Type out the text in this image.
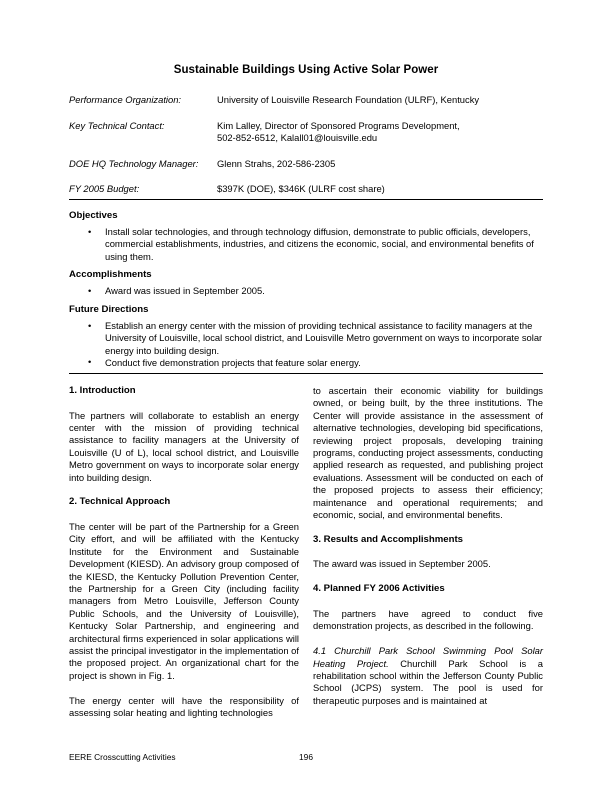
Sustainable Buildings Using Active Solar Power
Performance Organization:	University of Louisville Research Foundation (ULRF), Kentucky
Key Technical Contact:	Kim Lalley, Director of Sponsored Programs Development,
502-852-6512, Kalall01@louisville.edu
DOE HQ Technology Manager:	Glenn Strahs, 202-586-2305
FY 2005 Budget:	$397K (DOE), $346K (ULRF cost share)
Objectives
• Install solar technologies, and through technology diffusion, demonstrate to public officials, developers, commercial establishments, industries, and citizens the economic, social, and environmental benefits of using them.
Accomplishments
• Award was issued in September 2005.
Future Directions
• Establish an energy center with the mission of providing technical assistance to facility managers at the University of Louisville, local school district, and Louisville Metro government on ways to incorporate solar energy into building design.
• Conduct five demonstration projects that feature solar energy.
1. Introduction

The partners will collaborate to establish an energy center with the mission of providing technical assistance to facility managers at the University of Louisville (U of L), local school district, and Louisville Metro government on ways to incorporate solar energy into building design.

2. Technical Approach

The center will be part of the Partnership for a Green City effort, and will be affiliated with the Kentucky Institute for the Environment and Sustainable Development (KIESD). An advisory group composed of the KIESD, the Kentucky Pollution Prevention Center, the Partnership for a Green City (including facility managers from Metro Louisville, Jefferson County Public Schools, and the University of Louisville), Kentucky Solar Partnership, and engineering and architectural firms experienced in solar applications will assist the principal investigator in the implementation of the proposed project. An organizational chart for the project is shown in Fig. 1.

The energy center will have the responsibility of assessing solar heating and lighting technologies

to ascertain their economic viability for buildings owned, or being built, by the three institutions. The Center will provide assistance in the assessment of alternative technologies, developing bid specifications, reviewing project proposals, developing training programs, conducting project assessments, conducting applied research as requested, and publishing project evaluations. Assessment will be conducted on each of the proposed projects to assess their efficiency; maintenance and operational requirements; and economic, social, and environmental benefits.

3. Results and Accomplishments

The award was issued in September 2005.

4. Planned FY 2006 Activities

The partners have agreed to conduct five demonstration projects, as described in the following.

4.1 Churchill Park School Swimming Pool Solar Heating Project. Churchill Park School is a rehabilitation school within the Jefferson County Public School (JCPS) system. The pool is used for therapeutic purposes and is maintained at

EERE Crosscutting Activities	196
